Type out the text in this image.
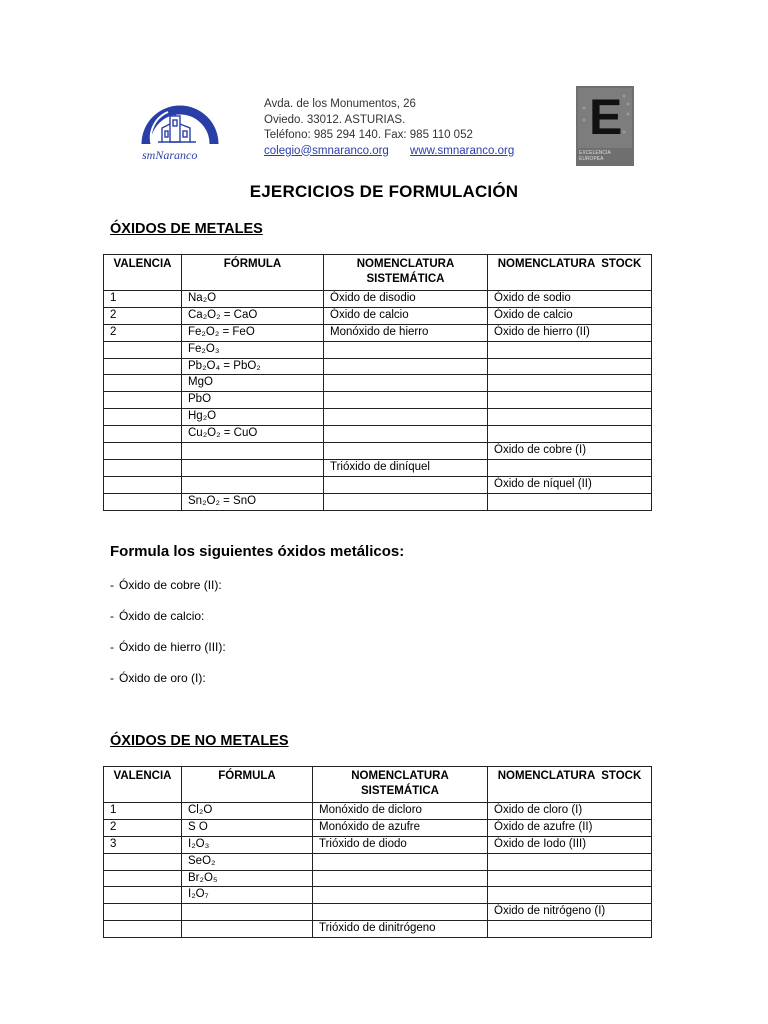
smNaranco
Avda. de los Monumentos, 26
Oviedo. 33012. ASTURIAS.
Teléfono: 985 294 140. Fax: 985 110 052
colegio@smnaranco.org www.smnaranco.org
E
EXCELENCIA EUROPEA
EJERCICIOS DE FORMULACIÓN
ÓXIDOS DE METALES
VALENCIA	FÓRMULA	NOMENCLATURA SISTEMÁTICA	NOMENCLATURA  STOCK
1	Na₂O	Óxido de disodio	Óxido de sodio
2	Ca₂O₂ = CaO	Óxido de calcio	Óxido de calcio
2	Fe₂O₂ = FeO	Monóxido de hierro	Óxido de hierro (II)
	Fe₂O₃		
	Pb₂O₄ = PbO₂		
	MgO		
	PbO		
	Hg₂O		
	Cu₂O₂ = CuO		
			Óxido de cobre (I)
		Trióxido de diníquel	
			Óxido de níquel (II)
	Sn₂O₂ = SnO		
Formula los siguientes óxidos metálicos:
- Óxido de cobre (II):
- Óxido de calcio:
- Óxido de hierro (III):
- Óxido de oro (I):
ÓXIDOS DE NO METALES
VALENCIA	FÓRMULA	NOMENCLATURA SISTEMÁTICA	NOMENCLATURA  STOCK
1	Cl₂O	Monóxido de dicloro	Óxido de cloro (I)
2	S O	Monóxido de azufre	Óxido de azufre (II)
3	I₂O₃	Trióxido de diodo	Óxido de Iodo (III)
	SeO₂		
	Br₂O₅		
	I₂O₇		
			Óxido de nitrógeno (I)
		Trióxido de dinitrógeno	
